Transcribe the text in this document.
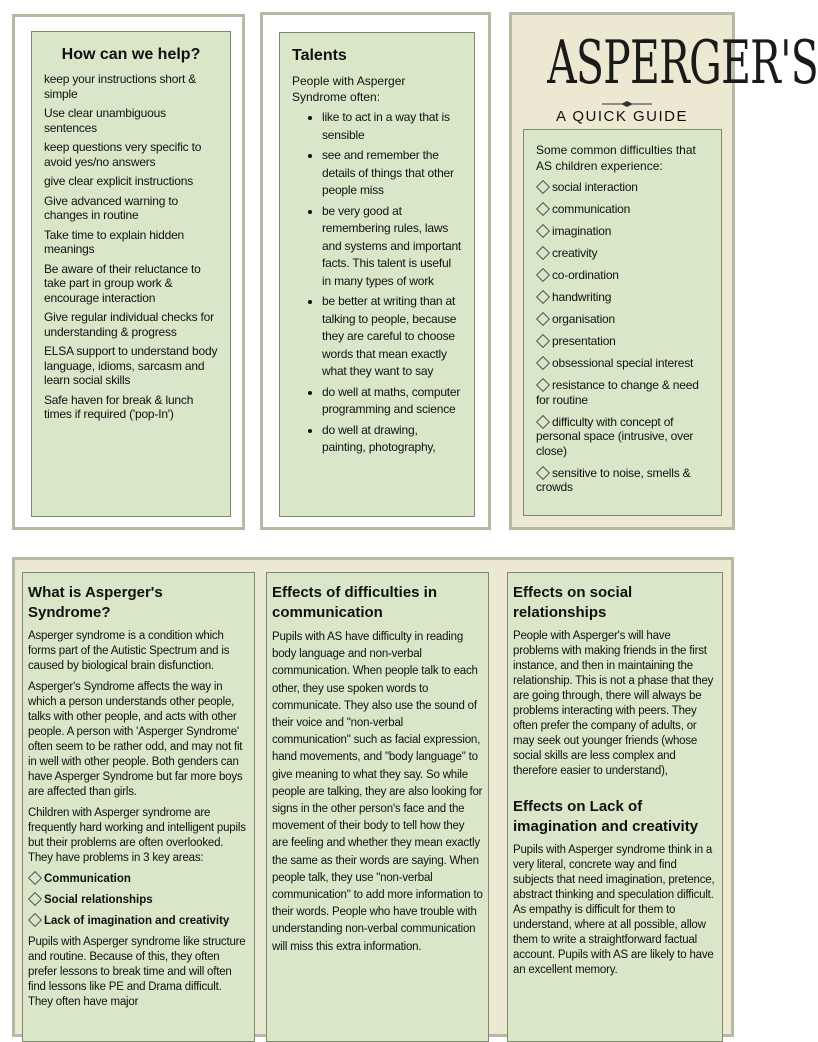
How can we help?
keep your instructions short & simple
Use clear unambiguous sentences
keep questions very specific to avoid yes/no answers
give clear explicit instructions
Give advanced warning to changes in routine
Take time to explain hidden meanings
Be aware of their reluctance to take part in group work & encourage interaction
Give regular individual checks for understanding & progress
ELSA support to understand body language, idioms, sarcasm and learn social skills
Safe haven for break & lunch times if required ('pop-In')
Talents
People with Asperger Syndrome often:
• like to act in a way that is sensible
• see and remember the details of things that other people miss
• be very good at remembering rules, laws and systems and important facts. This talent is useful in many types of work
• be better at writing than at talking to people, because they are careful to choose words that mean exactly what they want to say
• do well at maths, computer programming and science
• do well at drawing, painting, photography,
ASPERGER'S
A QUICK GUIDE
Some common difficulties that AS children experience:
social interaction
communication
imagination
creativity
co-ordination
handwriting
organisation
presentation
obsessional special interest
resistance to change & need for routine
difficulty with concept of personal space (intrusive, over close)
sensitive to noise, smells & crowds
What is Asperger's Syndrome?

Asperger syndrome is a condition which forms part of the Autistic Spectrum and is caused by biological brain disfunction.

Asperger's Syndrome affects the way in which a person understands other people, talks with other people, and acts with other people. A person with 'Asperger Syndrome' often seem to be rather odd, and may not fit in well with other people. Both genders can have Asperger Syndrome but far more boys are affected than girls.

Children with Asperger syndrome are frequently hard working and intelligent pupils but their problems are often overlooked. They have problems in 3 key areas:

Communication
Social relationships
Lack of imagination and creativity

Pupils with Asperger syndrome like structure and routine. Because of this, they often prefer lessons to break time and will often find lessons like PE and Drama difficult. They often have major

Effects of difficulties in communication

Pupils with AS have difficulty in reading body language and non-verbal communication. When people talk to each other, they use spoken words to communicate. They also use the sound of their voice and "non-verbal communication" such as facial expression, hand movements, and "body language" to give meaning to what they say. So while people are talking, they are also looking for signs in the other person's face and the movement of their body to tell how they are feeling and whether they mean exactly the same as their words are saying. When people talk, they use "non-verbal communication" to add more information to their words. People who have trouble with understanding non-verbal communication will miss this extra information.

Effects on social relationships

People with Asperger's will have problems with making friends in the first instance, and then in maintaining the relationship. This is not a phase that they are going through, there will always be problems interacting with peers. They often prefer the company of adults, or may seek out younger friends (whose social skills are less complex and therefore easier to understand),

Effects on Lack of imagination and creativity

Pupils with Asperger syndrome think in a very literal, concrete way and find subjects that need imagination, pretence, abstract thinking and speculation difficult. As empathy is difficult for them to understand, where at all possible, allow them to write a straightforward factual account. Pupils with AS are likely to have an excellent memory.
